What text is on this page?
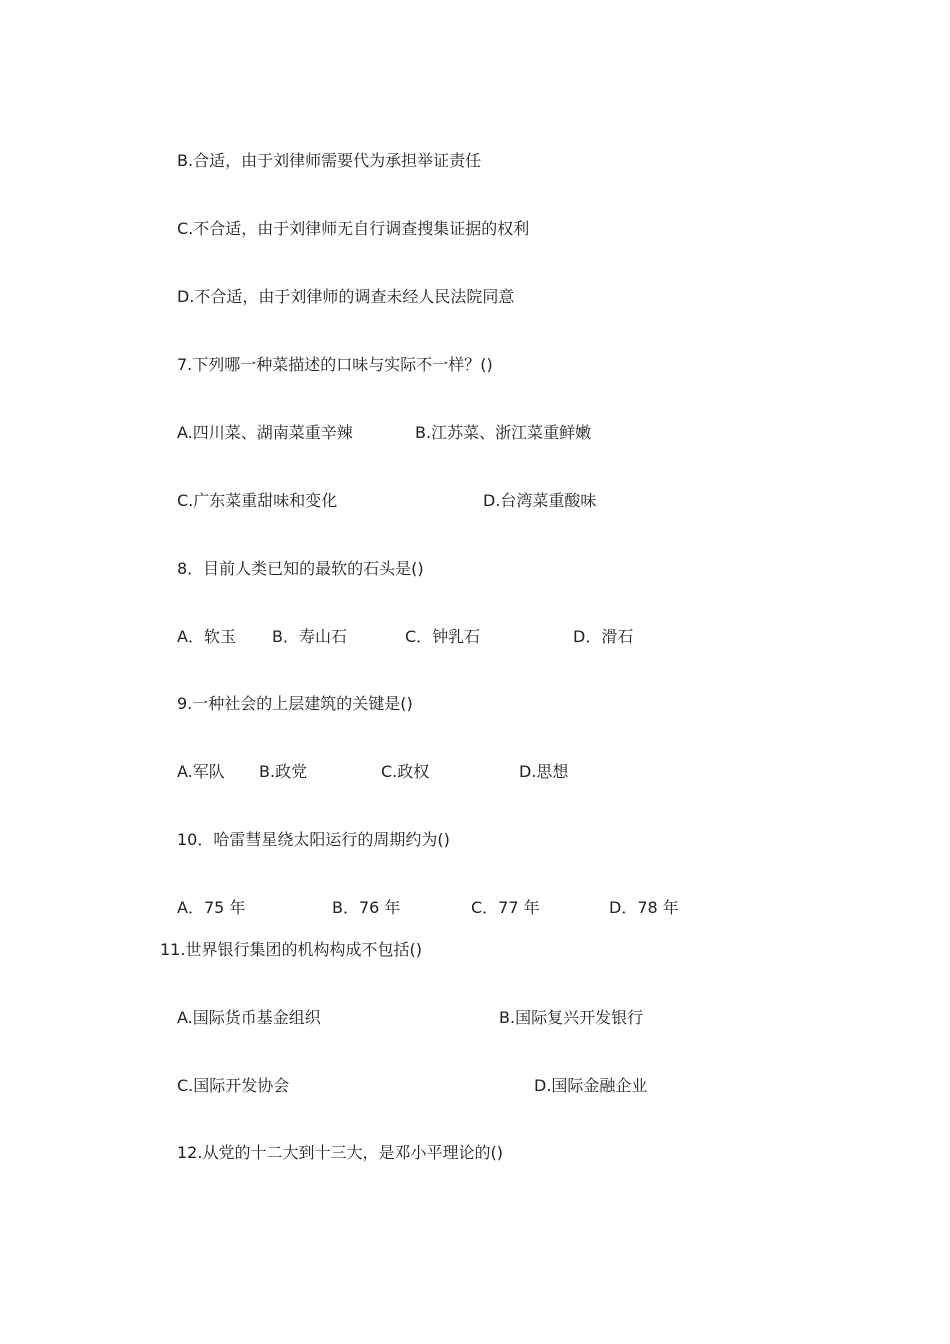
B.合适，由于刘律师需要代为承担举证责任
C.不合适，由于刘律师无自行调查搜集证据的权利
D.不合适，由于刘律师的调查未经人民法院同意
7.下列哪一种菜描述的口味与实际不一样？()
A.四川菜、湖南菜重辛辣	B.江苏菜、浙江菜重鲜嫩
C.广东菜重甜味和变化	D.台湾菜重酸味
8．目前人类已知的最软的石头是()
A．软玉 B．寿山石	C．钟乳石	D．滑石
9.一种社会的上层建筑的关键是()
A.军队 B.政党	C.政权	D.思想
10．哈雷彗星绕太阳运行的周期约为()
A．75 年	B．76 年	C．77 年	D．78 年
11.世界银行集团的机构构成不包括()
A.国际货币基金组织	B.国际复兴开发银行
C.国际开发协会	D.国际金融企业
12.从党的十二大到十三大，是邓小平理论的()
